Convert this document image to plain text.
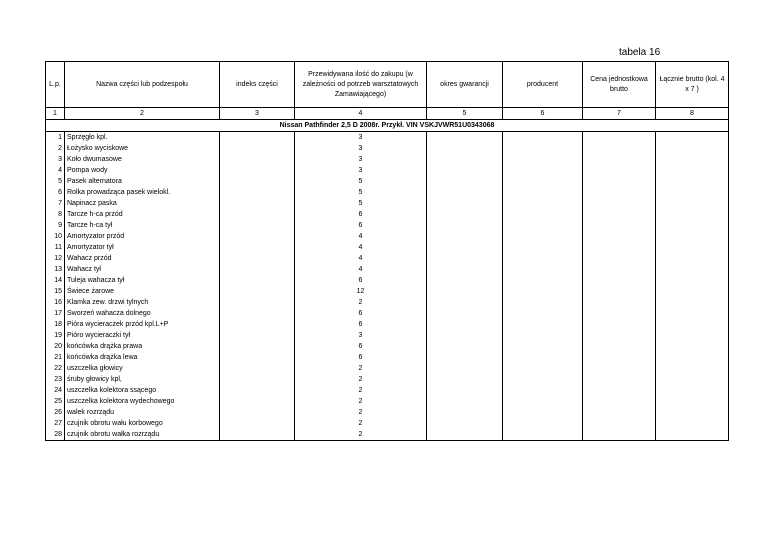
tabela 16
L.p.	Nazwa części lub podzespołu	indeks części	Przewidywana ilość do zakupu (w zależności od potrzeb warsztatowych Zamawiającego)	okres gwarancji	producent	Cena jednostkowa brutto	Łącznie brutto (kol. 4 x 7 )
1	2	3	4	5	6	7	8
Nissan Pathfinder 2,5 D 2008r. Przykł. VIN VSKJVWR51U0343068							
1	Sprzęgło kpl.		3				
2	Łożysko wyciskowe		3				
3	Koło dwumasowe		3				
4	Pompa wody		3				
5	Pasek alternatora		5				
6	Rolka prowadząca pasek wielokl.		5				
7	Napinacz paska		5				
8	Tarcze h-ca przód		6				
9	Tarcze h-ca tył		6				
10	Amortyzator przód		4				
11	Amortyzator tył		4				
12	Wahacz przód		4				
13	Wahacz tył		4				
14	Tuleja wahacza tył		6				
15	Świece żarowe		12				
16	Klamka zew. drzwi tylnych		2				
17	Sworzeń wahacza dolnego		6				
18	Pióra wycieraczek przód kpl.L+P		6				
19	Pióro wycieraczki tył		3				
20	końcówka drążka prawa		6				
21	końcówka drążka lewa		6				
22	uszczelka głowicy		2				
23	śruby głowicy kpl,		2				
24	uszczelka kolektora ssącego		2				
25	uszczelka kolektora wydechowego		2				
26	walek rozrządu		2				
27	czujnik obrotu wału korbowego		2				
28	czujnik obrotu wałka rozrządu		2				
